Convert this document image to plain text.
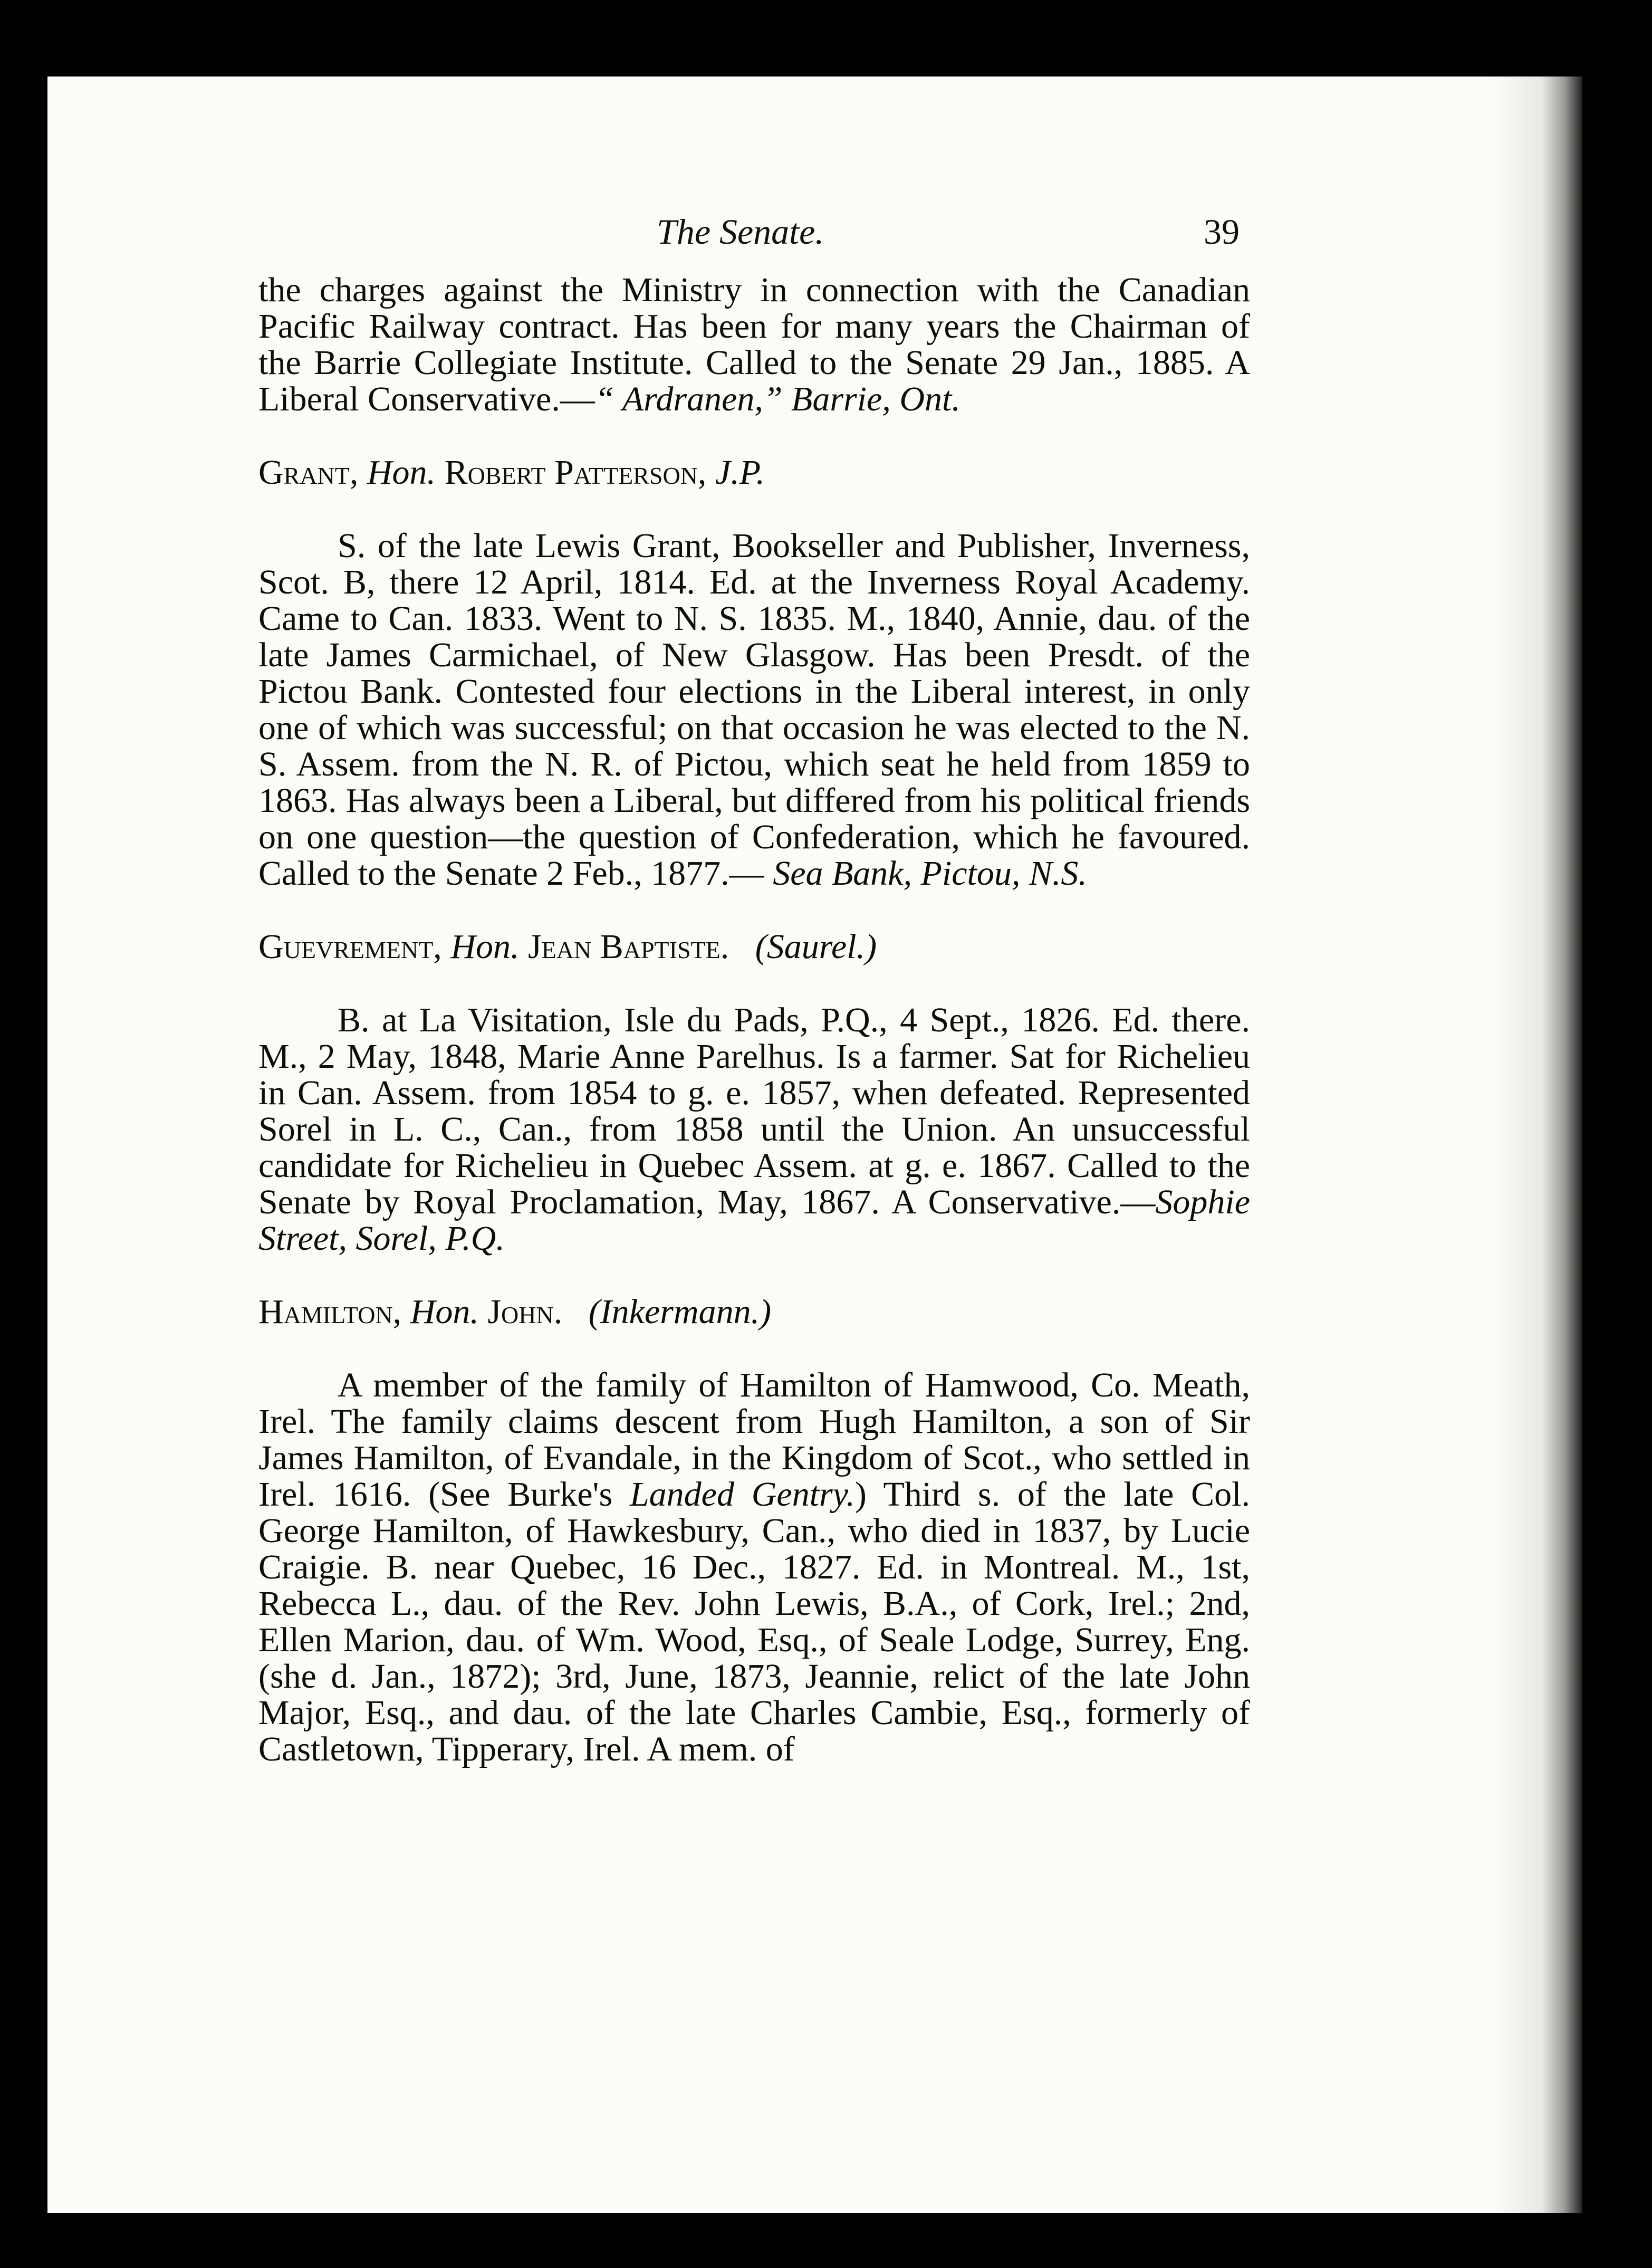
The Senate.	39

the charges against the Ministry in connection with the Canadian Pacific Railway contract. Has been for many years the Chairman of the Barrie Collegiate Institute. Called to the Senate 29 Jan., 1885. A Liberal Conservative.—“ Ardranen,” Barrie, Ont.

Grant, Hon. Robert Patterson, J.P.

S. of the late Lewis Grant, Bookseller and Publisher, Inverness, Scot. B, there 12 April, 1814. Ed. at the Inverness Royal Academy. Came to Can. 1833. Went to N. S. 1835. M., 1840, Annie, dau. of the late James Carmichael, of New Glasgow. Has been Presdt. of the Pictou Bank. Contested four elections in the Liberal interest, in only one of which was successful; on that occasion he was elected to the N. S. Assem. from the N. R. of Pictou, which seat he held from 1859 to 1863. Has always been a Liberal, but differed from his political friends on one question—the question of Confederation, which he favoured. Called to the Senate 2 Feb., 1877.— Sea Bank, Pictou, N.S.

Guevrement, Hon. Jean Baptiste. (Saurel.)

B. at La Visitation, Isle du Pads, P.Q., 4 Sept., 1826. Ed. there. M., 2 May, 1848, Marie Anne Parelhus. Is a farmer. Sat for Richelieu in Can. Assem. from 1854 to g. e. 1857, when defeated. Represented Sorel in L. C., Can., from 1858 until the Union. An unsuccessful candidate for Richelieu in Quebec Assem. at g. e. 1867. Called to the Senate by Royal Proclamation, May, 1867. A Conservative.—Sophie Street, Sorel, P.Q.

Hamilton, Hon. John. (Inkermann.)

A member of the family of Hamilton of Hamwood, Co. Meath, Irel. The family claims descent from Hugh Hamilton, a son of Sir James Hamilton, of Evandale, in the Kingdom of Scot., who settled in Irel. 1616. (See Burke's Landed Gentry.) Third s. of the late Col. George Hamilton, of Hawkesbury, Can., who died in 1837, by Lucie Craigie. B. near Quebec, 16 Dec., 1827. Ed. in Montreal. M., 1st, Rebecca L., dau. of the Rev. John Lewis, B.A., of Cork, Irel.; 2nd, Ellen Marion, dau. of Wm. Wood, Esq., of Seale Lodge, Surrey, Eng. (she d. Jan., 1872); 3rd, June, 1873, Jeannie, relict of the late John Major, Esq., and dau. of the late Charles Cambie, Esq., formerly of Castletown, Tipperary, Irel. A mem. of
